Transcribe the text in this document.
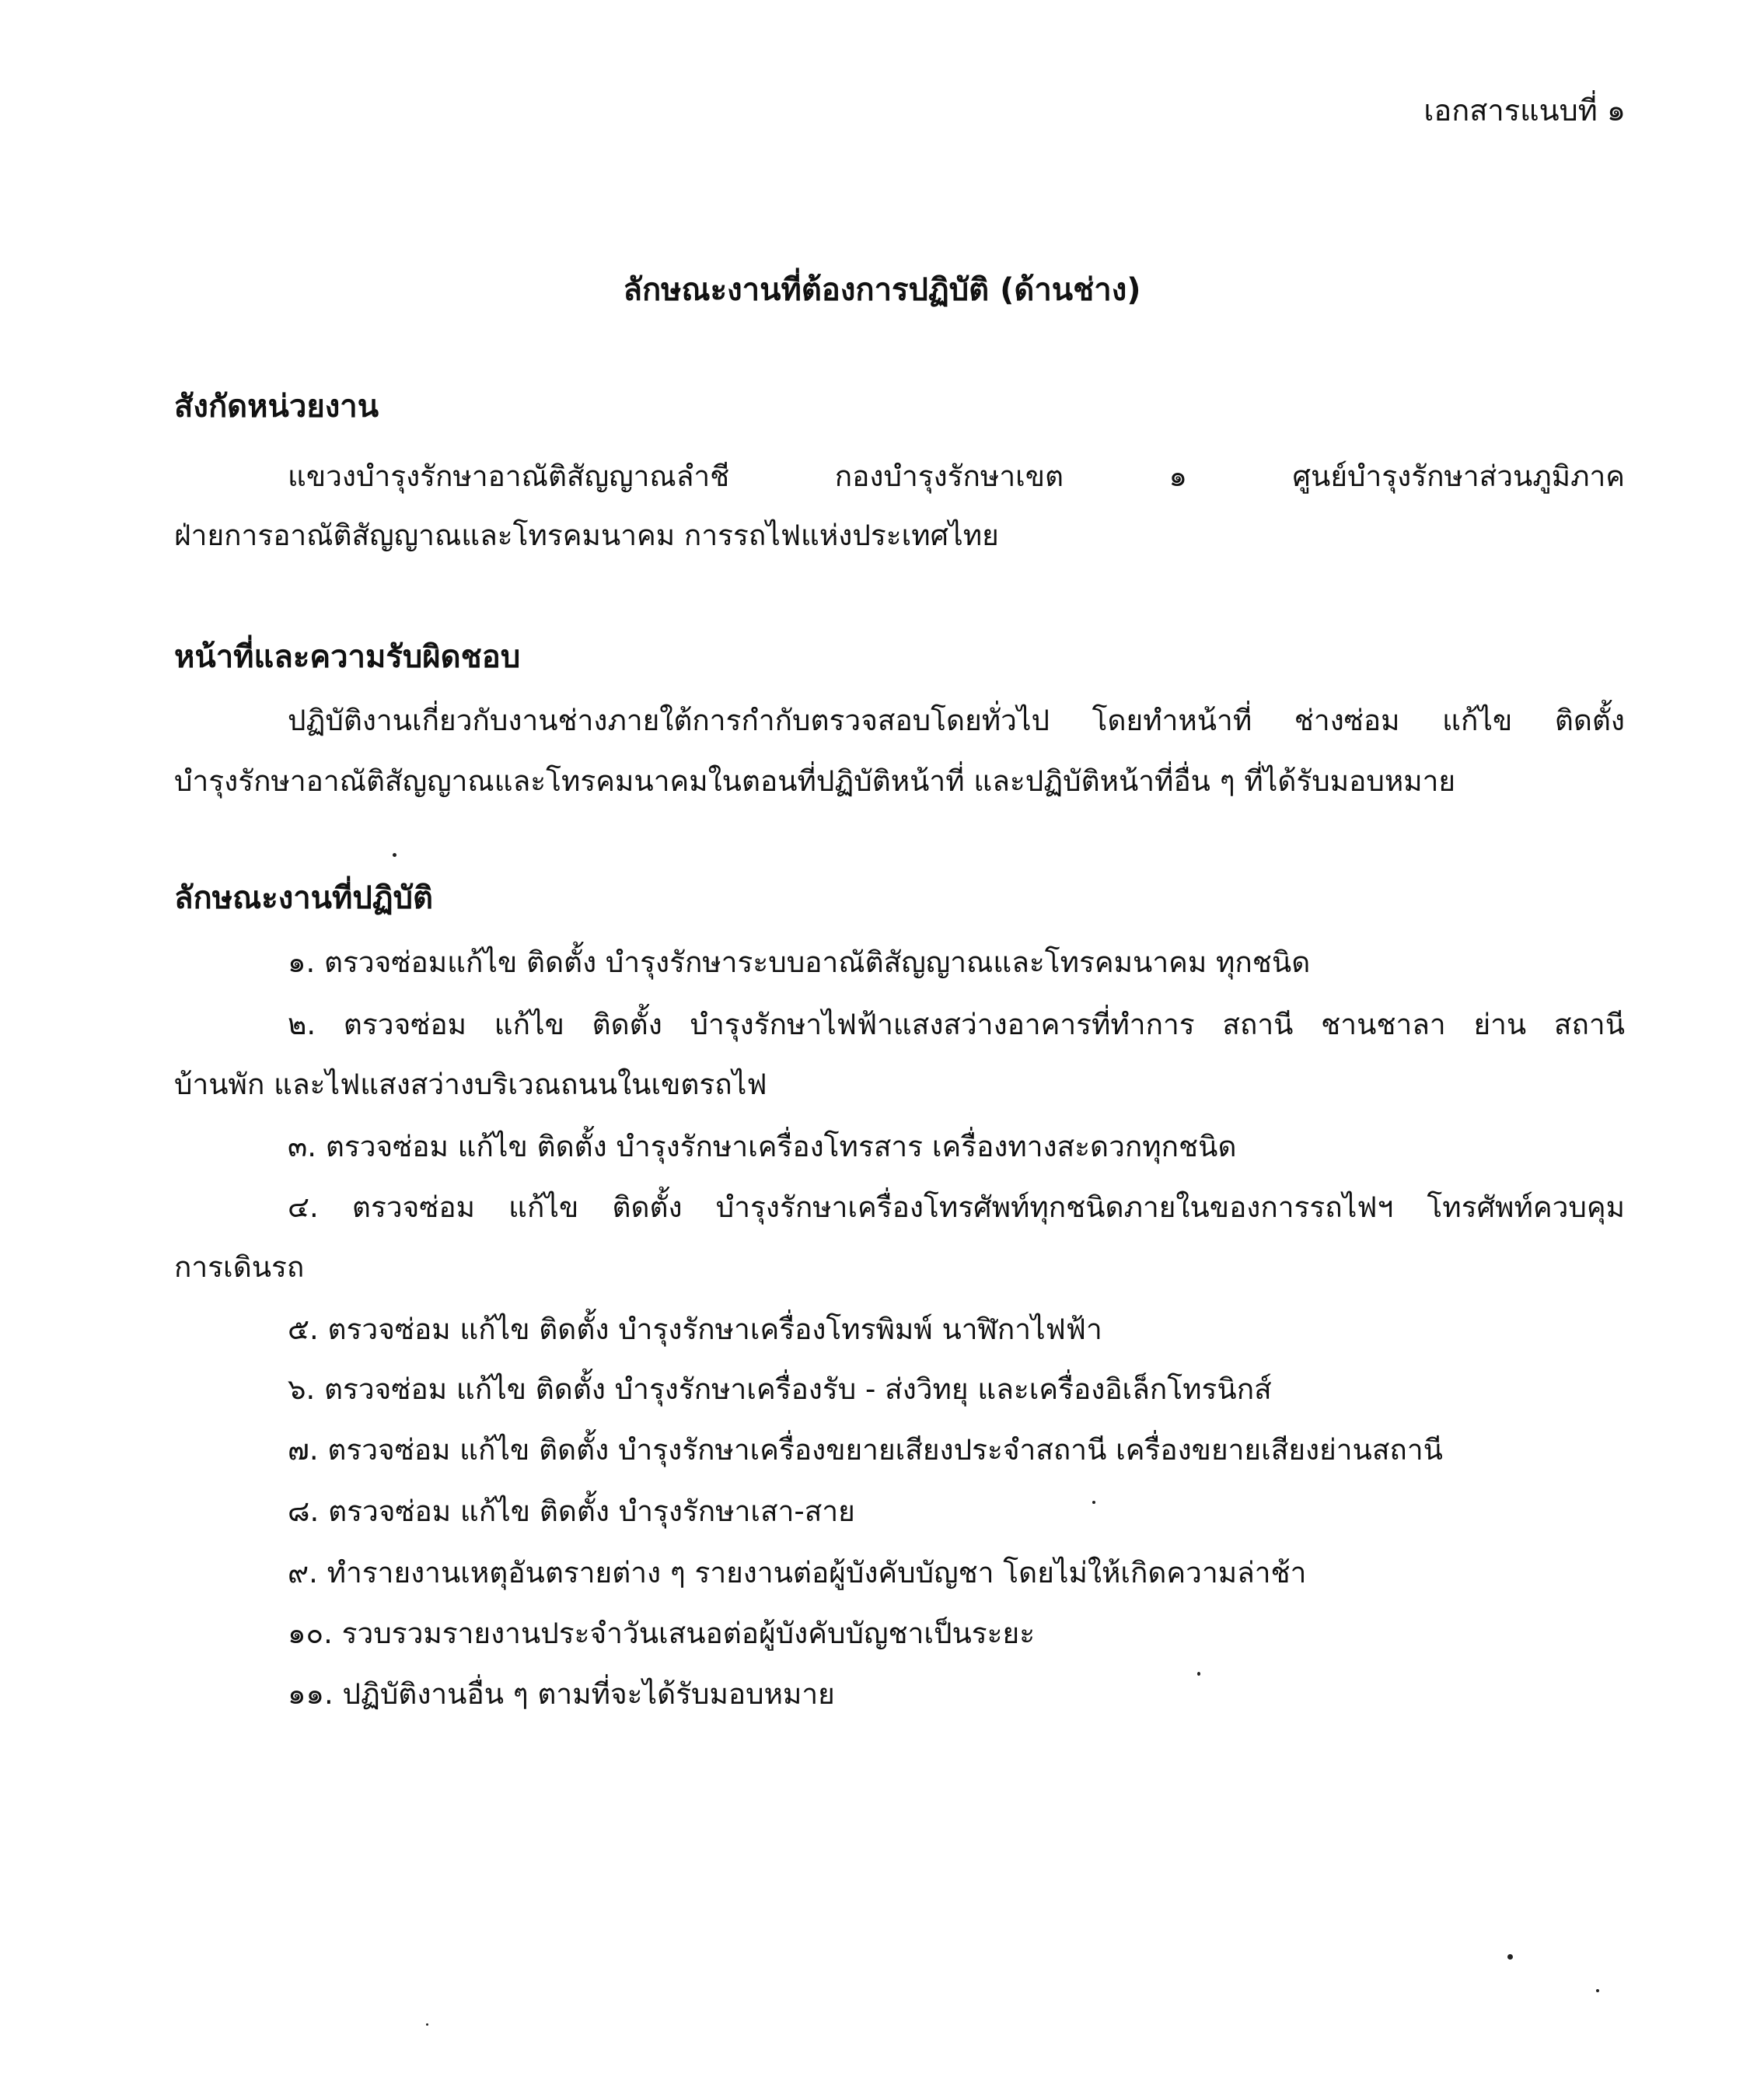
เอกสารแนบที่ ๑
ลักษณะงานที่ต้องการปฏิบัติ (ด้านช่าง)
สังกัดหน่วยงาน
แขวงบำรุงรักษาอาณัติสัญญาณลำชี กองบำรุงรักษาเขต ๑ ศูนย์บำรุงรักษาส่วนภูมิภาค
ฝ่ายการอาณัติสัญญาณและโทรคมนาคม การรถไฟแห่งประเทศไทย
หน้าที่และความรับผิดชอบ
ปฏิบัติงานเกี่ยวกับงานช่างภายใต้การกำกับตรวจสอบโดยทั่วไป โดยทำหน้าที่ ช่างซ่อม แก้ไข ติดตั้ง
บำรุงรักษาอาณัติสัญญาณและโทรคมนาคมในตอนที่ปฏิบัติหน้าที่ และปฏิบัติหน้าที่อื่น ๆ ที่ได้รับมอบหมาย
ลักษณะงานที่ปฏิบัติ
๑. ตรวจซ่อมแก้ไข ติดตั้ง บำรุงรักษาระบบอาณัติสัญญาณและโทรคมนาคม ทุกชนิด
๒. ตรวจซ่อม แก้ไข ติดตั้ง บำรุงรักษาไฟฟ้าแสงสว่างอาคารที่ทำการ สถานี ชานชาลา ย่าน สถานี
บ้านพัก และไฟแสงสว่างบริเวณถนนในเขตรถไฟ
๓. ตรวจซ่อม แก้ไข ติดตั้ง บำรุงรักษาเครื่องโทรสาร เครื่องทางสะดวกทุกชนิด
๔. ตรวจซ่อม แก้ไข ติดตั้ง บำรุงรักษาเครื่องโทรศัพท์ทุกชนิดภายในของการรถไฟฯ โทรศัพท์ควบคุม
การเดินรถ
๕. ตรวจซ่อม แก้ไข ติดตั้ง บำรุงรักษาเครื่องโทรพิมพ์ นาฬิกาไฟฟ้า
๖. ตรวจซ่อม แก้ไข ติดตั้ง บำรุงรักษาเครื่องรับ - ส่งวิทยุ และเครื่องอิเล็กโทรนิกส์
๗. ตรวจซ่อม แก้ไข ติดตั้ง บำรุงรักษาเครื่องขยายเสียงประจำสถานี เครื่องขยายเสียงย่านสถานี
๘. ตรวจซ่อม แก้ไข ติดตั้ง บำรุงรักษาเสา-สาย
๙. ทำรายงานเหตุอันตรายต่าง ๆ รายงานต่อผู้บังคับบัญชา โดยไม่ให้เกิดความล่าช้า
๑๐. รวบรวมรายงานประจำวันเสนอต่อผู้บังคับบัญชาเป็นระยะ
๑๑. ปฏิบัติงานอื่น ๆ ตามที่จะได้รับมอบหมาย
